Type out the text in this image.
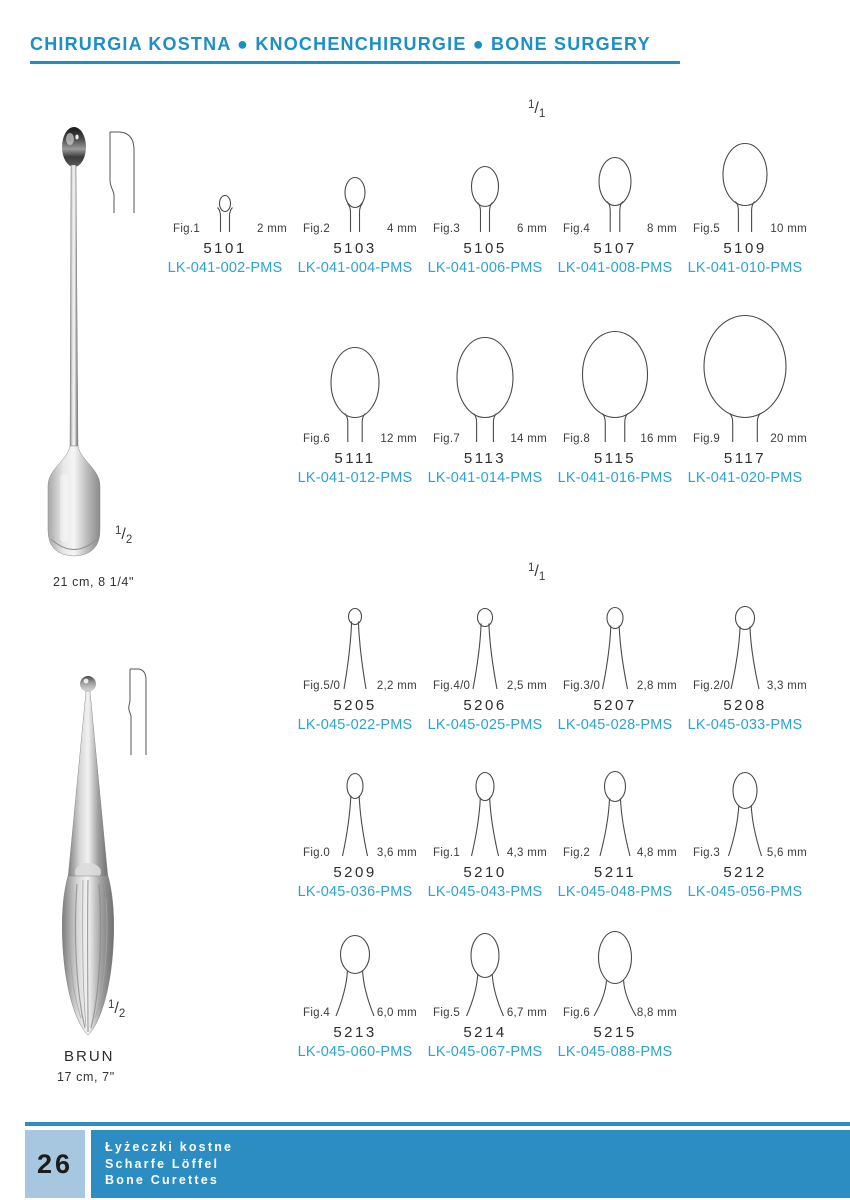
CHIRURGIA KOSTNA ● KNOCHENCHIRURGIE ● BONE SURGERY
21 cm, 8 1/4"
BRUN
17 cm, 7"
$^1/_1$
$^1/_1$
$^1/_2$
$^1/_2$
Fig.1	2 mm
5101
LK-041-002-PMS
Fig.2	4 mm
5103
LK-041-004-PMS
Fig.3	6 mm
5105
LK-041-006-PMS
Fig.4	8 mm
5107
LK-041-008-PMS
Fig.5	10 mm
5109
LK-041-010-PMS
Fig.6	12 mm
5111
LK-041-012-PMS
Fig.7	14 mm
5113
LK-041-014-PMS
Fig.8	16 mm
5115
LK-041-016-PMS
Fig.9	20 mm
5117
LK-041-020-PMS
Fig.5/0	2,2 mm
5205
LK-045-022-PMS
Fig.4/0	2,5 mm
5206
LK-045-025-PMS
Fig.3/0	2,8 mm
5207
LK-045-028-PMS
Fig.2/0	3,3 mm
5208
LK-045-033-PMS
Fig.0	3,6 mm
5209
LK-045-036-PMS
Fig.1	4,3 mm
5210
LK-045-043-PMS
Fig.2	4,8 mm
5211
LK-045-048-PMS
Fig.3	5,6 mm
5212
LK-045-056-PMS
Fig.4	6,0 mm
5213
LK-045-060-PMS
Fig.5	6,7 mm
5214
LK-045-067-PMS
Fig.6	8,8 mm
5215
LK-045-088-PMS
26
Łyżeczki kostne
Scharfe Löffel
Bone Curettes
